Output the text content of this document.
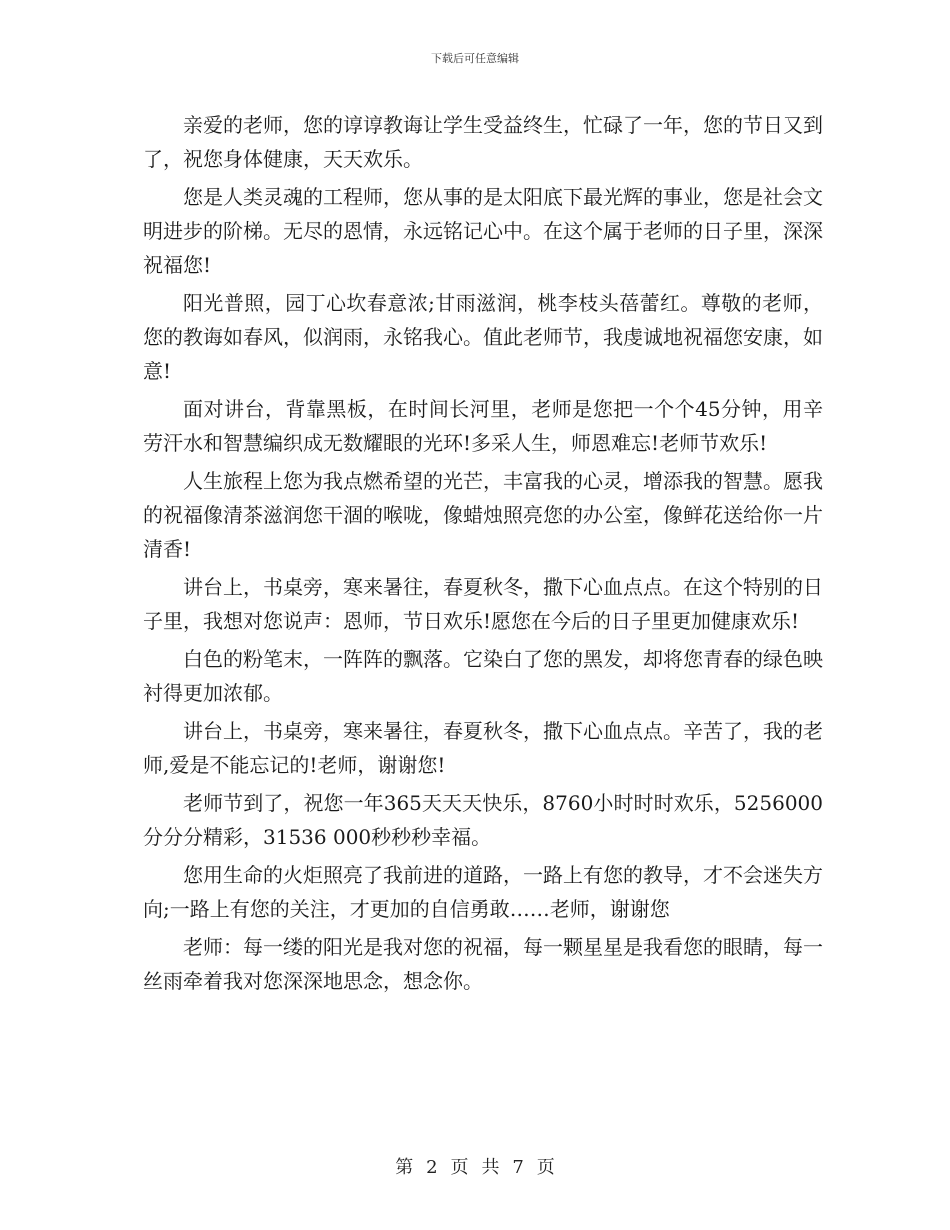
下载后可任意编辑

亲爱的老师，您的谆谆教诲让学生受益终生，忙碌了一年，您的节日又到了，祝您身体健康，天天欢乐。

您是人类灵魂的工程师，您从事的是太阳底下最光辉的事业，您是社会文明进步的阶梯。无尽的恩情，永远铭记心中。在这个属于老师的日子里，深深祝福您!

阳光普照，园丁心坎春意浓;甘雨滋润，桃李枝头蓓蕾红。尊敬的老师，您的教诲如春风，似润雨，永铭我心。值此老师节，我虔诚地祝福您安康，如意!

面对讲台，背靠黑板，在时间长河里，老师是您把一个个45分钟，用辛劳汗水和智慧编织成无数耀眼的光环!多采人生，师恩难忘!老师节欢乐!

人生旅程上您为我点燃希望的光芒，丰富我的心灵，增添我的智慧。愿我的祝福像清茶滋润您干涸的喉咙，像蜡烛照亮您的办公室，像鲜花送给你一片清香!

讲台上，书桌旁，寒来暑往，春夏秋冬，撒下心血点点。在这个特别的日子里，我想对您说声：恩师，节日欢乐!愿您在今后的日子里更加健康欢乐!

白色的粉笔末，一阵阵的飘落。它染白了您的黑发，却将您青春的绿色映衬得更加浓郁。

讲台上，书桌旁，寒来暑往，春夏秋冬，撒下心血点点。辛苦了，我的老师,爱是不能忘记的!老师，谢谢您!

老师节到了，祝您一年365天天天快乐，8760小时时时欢乐，5256000分分分精彩，31536 000秒秒秒幸福。

您用生命的火炬照亮了我前进的道路，一路上有您的教导，才不会迷失方向;一路上有您的关注，才更加的自信勇敢……老师，谢谢您

老师：每一缕的阳光是我对您的祝福，每一颗星星是我看您的眼睛，每一丝雨牵着我对您深深地思念，想念你。

第 2 页 共 7 页
